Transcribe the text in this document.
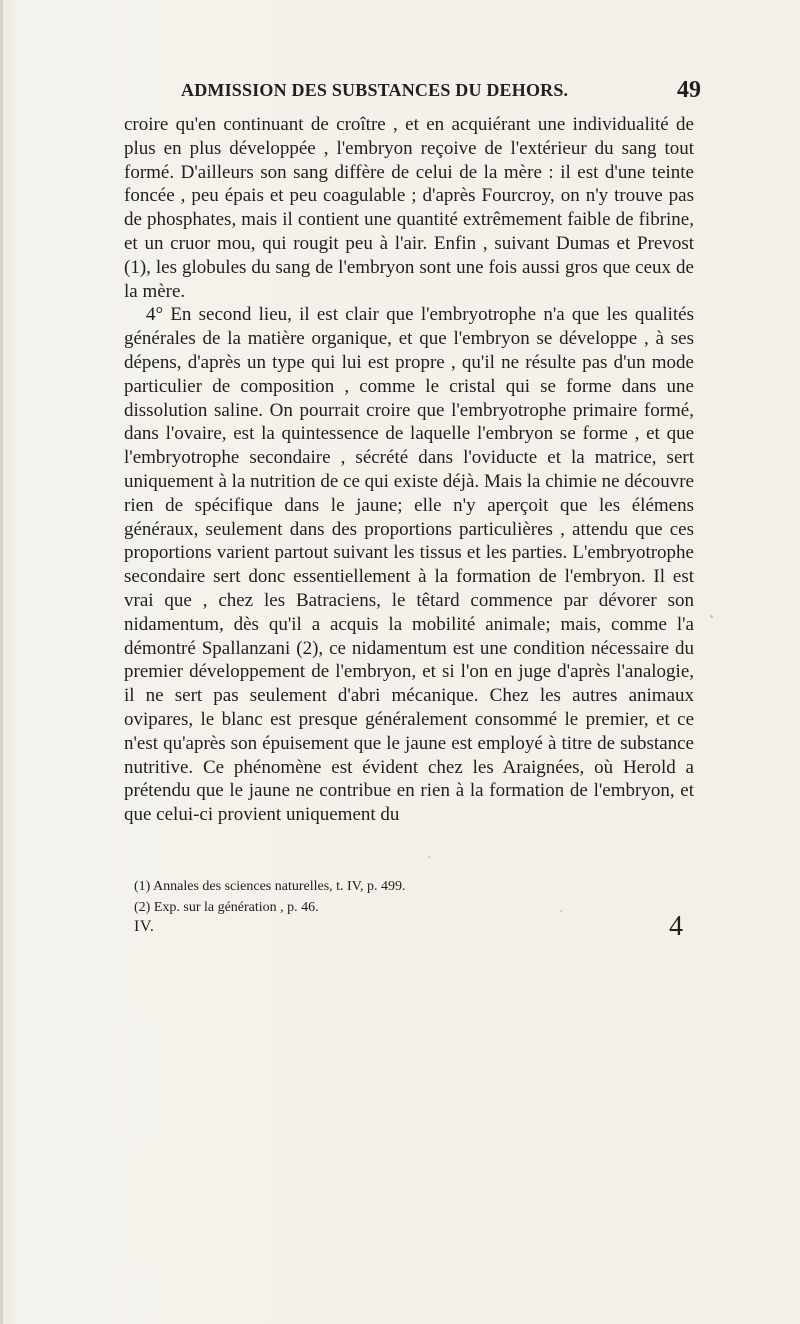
ADMISSION DES SUBSTANCES DU DEHORS.	49

croire qu'en continuant de croître , et en acquiérant une individualité de plus en plus développée , l'embryon reçoive de l'extérieur du sang tout formé. D'ailleurs son sang diffère de celui de la mère : il est d'une teinte foncée , peu épais et peu coagulable ; d'après Fourcroy, on n'y trouve pas de phosphates, mais il contient une quantité extrêmement faible de fibrine, et un cruor mou, qui rougit peu à l'air. Enfin , suivant Dumas et Prevost (1), les globules du sang de l'embryon sont une fois aussi gros que ceux de la mère.

4° En second lieu, il est clair que l'embryotrophe n'a que les qualités générales de la matière organique, et que l'embryon se développe , à ses dépens, d'après un type qui lui est propre , qu'il ne résulte pas d'un mode particulier de composition , comme le cristal qui se forme dans une dissolution saline. On pourrait croire que l'embryotrophe primaire formé, dans l'ovaire, est la quintessence de laquelle l'embryon se forme , et que l'embryotrophe secondaire , sécrété dans l'oviducte et la matrice, sert uniquement à la nutrition de ce qui existe déjà. Mais la chimie ne découvre rien de spécifique dans le jaune; elle n'y aperçoit que les élémens généraux, seulement dans des proportions particulières , attendu que ces proportions varient partout suivant les tissus et les parties. L'embryotrophe secondaire sert donc essentiellement à la formation de l'embryon. Il est vrai que , chez les Batraciens, le têtard commence par dévorer son nidamentum, dès qu'il a acquis la mobilité animale; mais, comme l'a démontré Spallanzani (2), ce nidamentum est une condition nécessaire du premier développement de l'embryon, et si l'on en juge d'après l'analogie, il ne sert pas seulement d'abri mécanique. Chez les autres animaux ovipares, le blanc est presque généralement consommé le premier, et ce n'est qu'après son épuisement que le jaune est employé à titre de substance nutritive. Ce phénomène est évident chez les Araignées, où Herold a prétendu que le jaune ne contribue en rien à la formation de l'embryon, et que celui-ci provient uniquement du

(1) Annales des sciences naturelles, t. IV, p. 499.
(2) Exp. sur la génération , p. 46.
IV.	4
